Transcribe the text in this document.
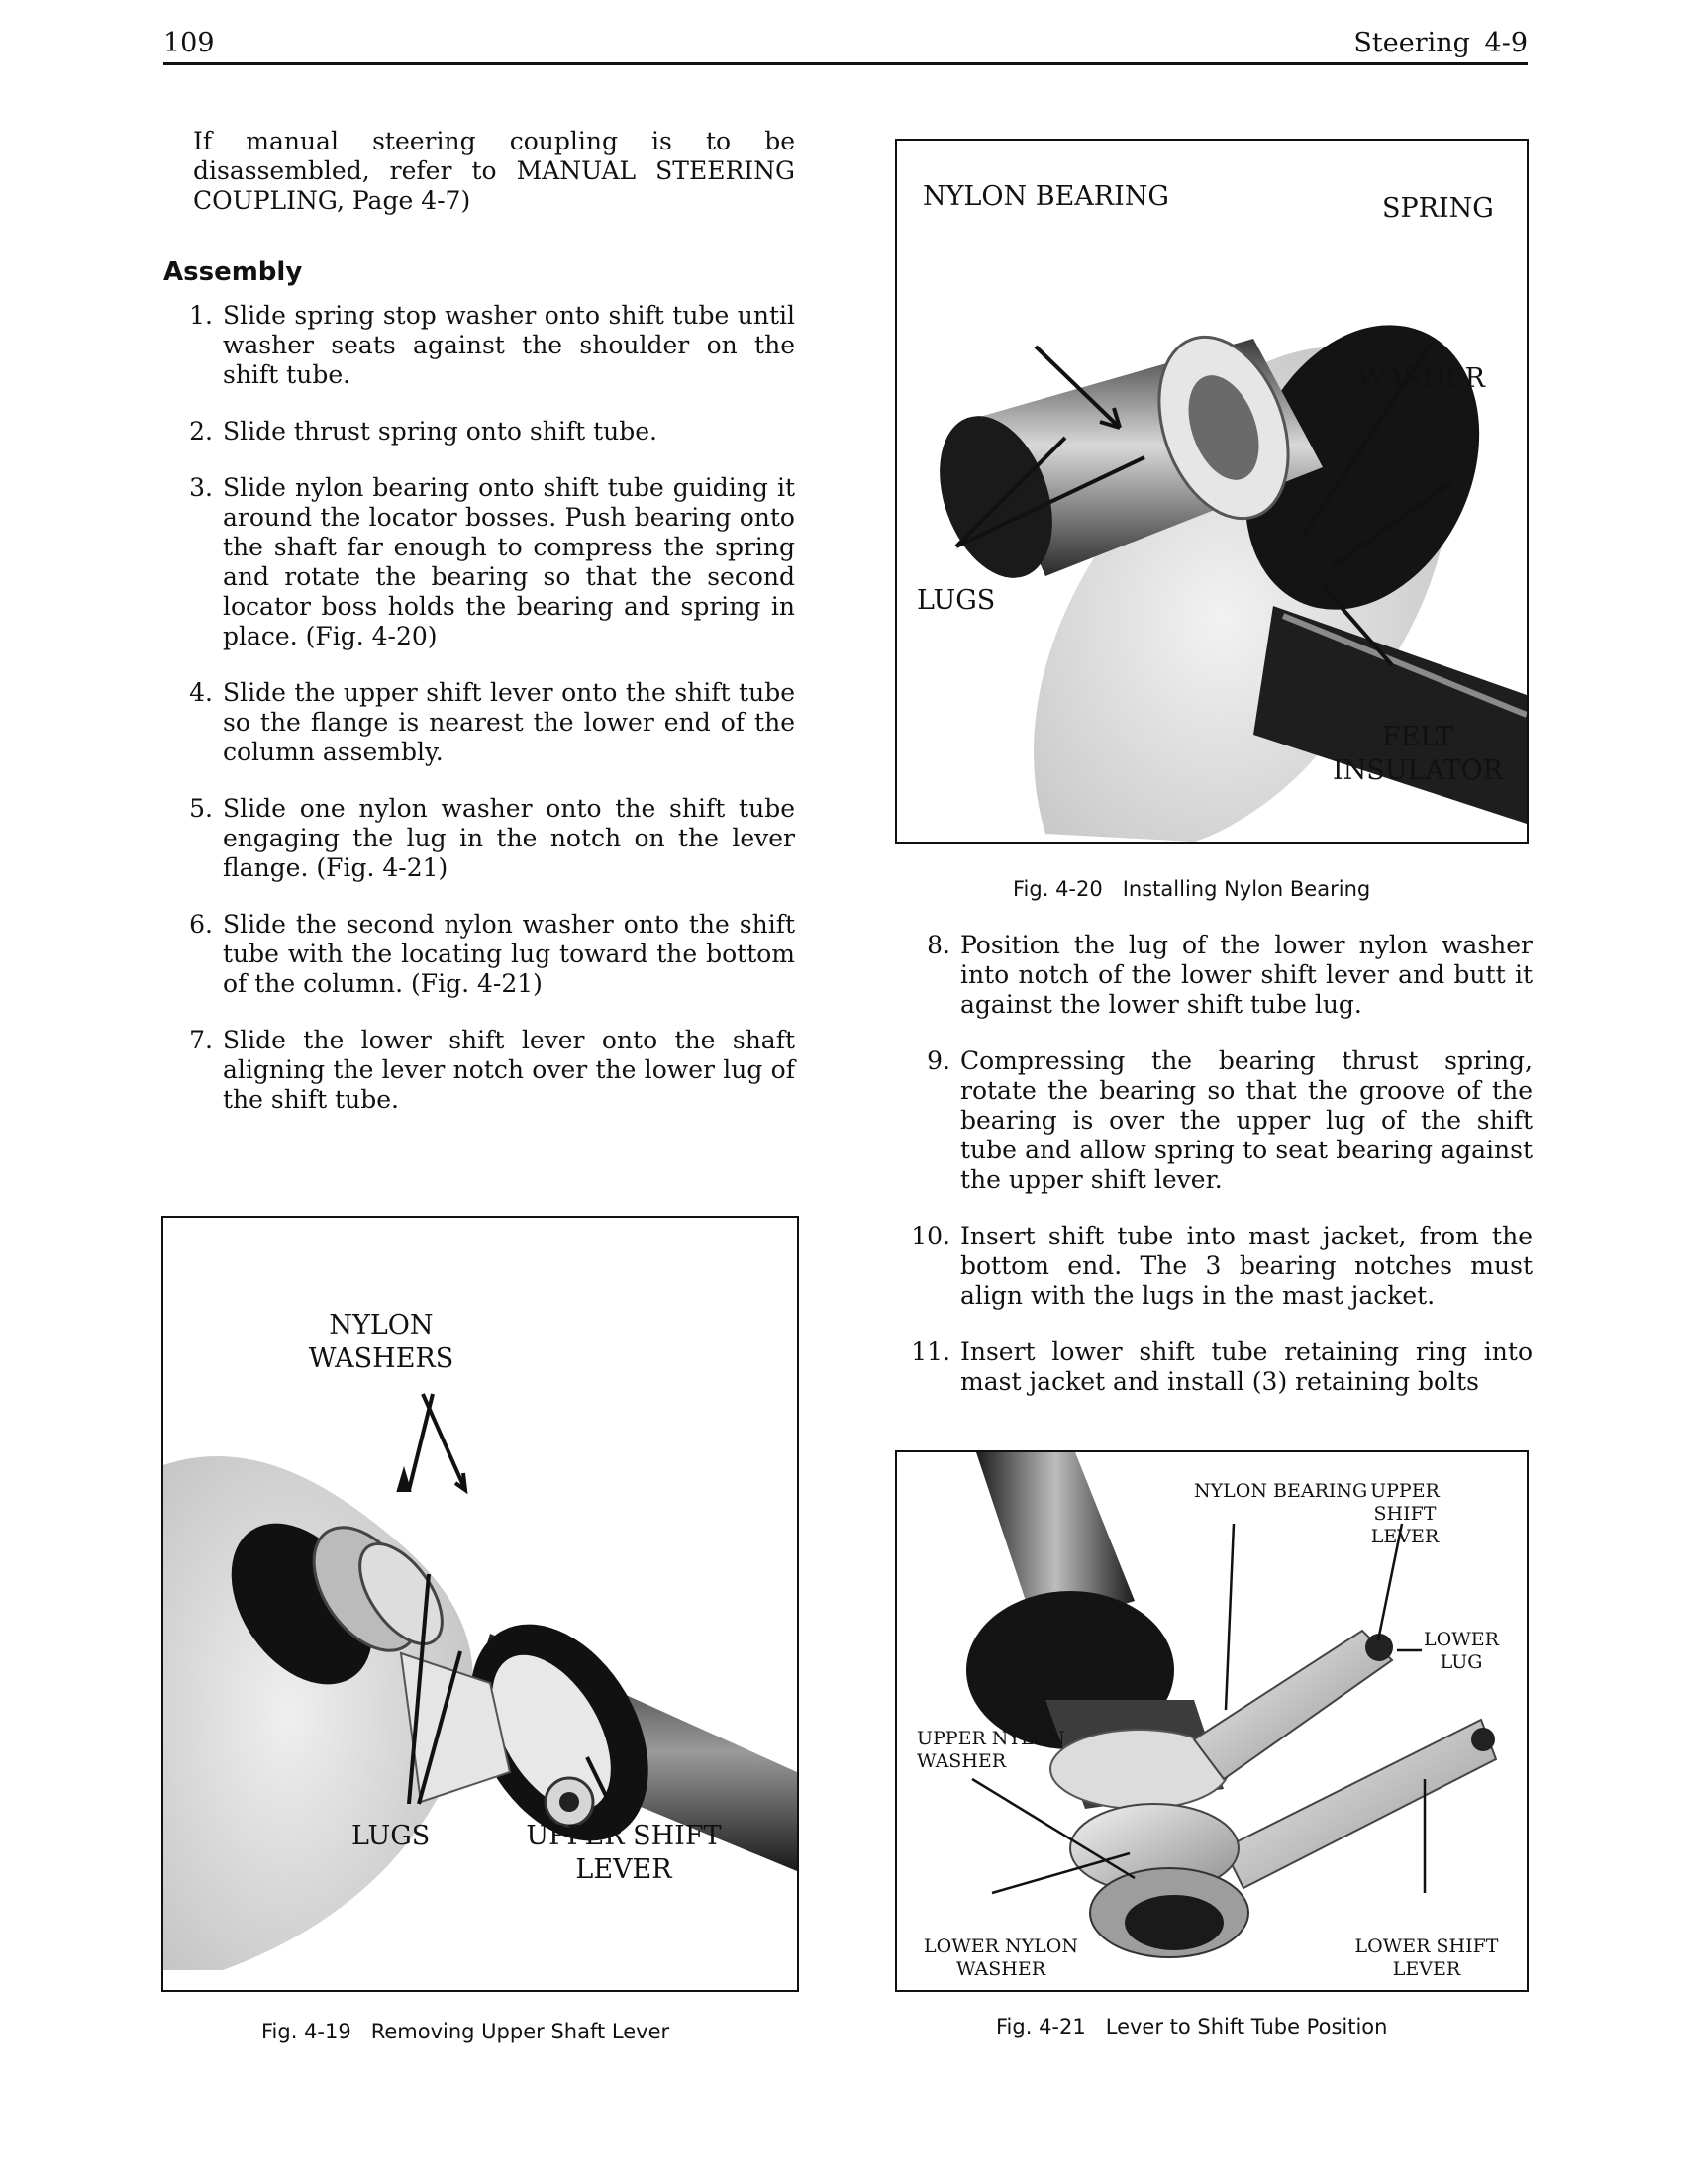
109	Steering 4-9

If manual steering coupling is to be disassembled, refer to MANUAL STEERING COUPLING, Page 4-7)

Assembly
1. Slide spring stop washer onto shift tube until washer seats against the shoulder on the shift tube.
2. Slide thrust spring onto shift tube.
3. Slide nylon bearing onto shift tube guiding it around the locator bosses. Push bearing onto the shaft far enough to compress the spring and rotate the bearing so that the second locator boss holds the bearing and spring in place. (Fig. 4-20)
4. Slide the upper shift lever onto the shift tube so the flange is nearest the lower end of the column assembly.
5. Slide one nylon washer onto the shift tube engaging the lug in the notch on the lever flange. (Fig. 4-21)
6. Slide the second nylon washer onto the shift tube with the locating lug toward the bottom of the column. (Fig. 4-21)
7. Slide the lower shift lever onto the shaft aligning the lever notch over the lower lug of the shift tube.
8. Position the lug of the lower nylon washer into notch of the lower shift lever and butt it against the lower shift tube lug.
9. Compressing the bearing thrust spring, rotate the bearing so that the groove of the bearing is over the upper lug of the shift tube and allow spring to seat bearing against the upper shift lever.
10. Insert shift tube into mast jacket, from the bottom end. The 3 bearing notches must align with the lugs in the mast jacket.
11. Insert lower shift tube retaining ring into mast jacket and install (3) retaining bolts
NYLON BEARING	SPRING
WASHER
LUGS
FELT INSULATOR
Fig. 4-20 Installing Nylon Bearing
NYLON WASHERS
LUGS	UPPER SHIFT LEVER
Fig. 4-19 Removing Upper Shaft Lever
NYLON BEARING UPPER SHIFT LEVER
LOWER LUG
UPPER NYLON WASHER
LOWER NYLON WASHER
LOWER SHIFT LEVER
Fig. 4-21 Lever to Shift Tube Position
